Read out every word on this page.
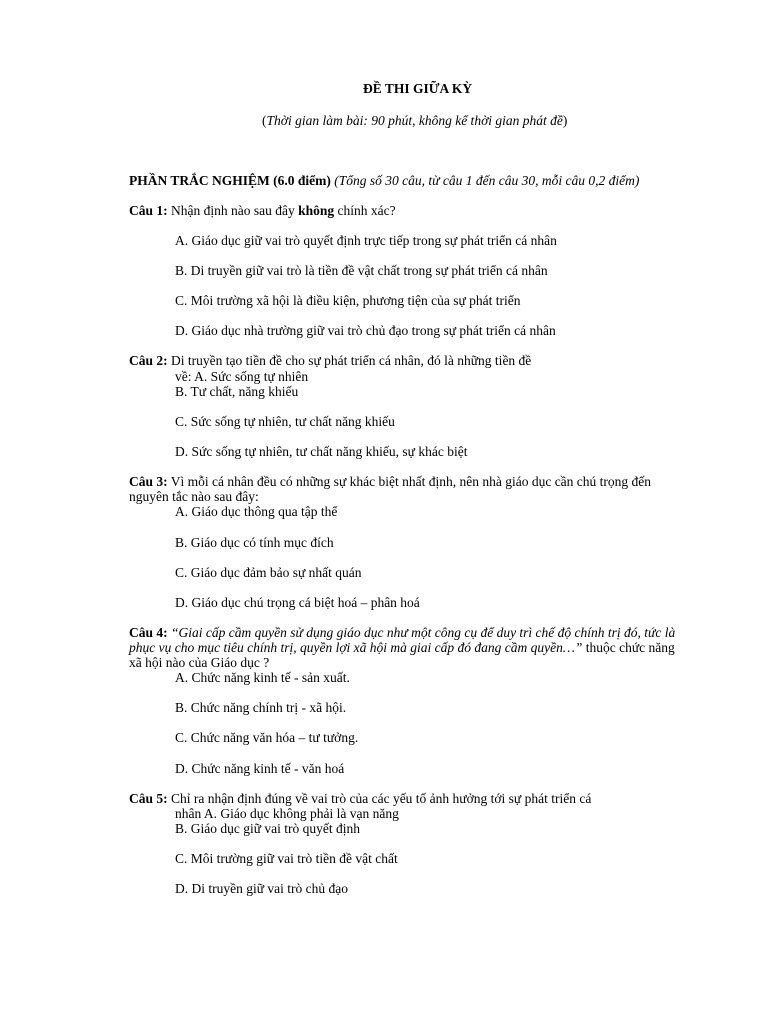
ĐỀ THI GIỮA KỲ
(Thời gian làm bài: 90 phút, không kể thời gian phát đề)
PHẦN TRẮC NGHIỆM (6.0 điểm) (Tổng số 30 câu, từ câu 1 đến câu 30, mỗi câu 0,2 điểm)
Câu 1: Nhận định nào sau đây không chính xác?
A. Giáo dục giữ vai trò quyết định trực tiếp trong sự phát triển cá nhân
B. Di truyền giữ vai trò là tiền đề vật chất trong sự phát triển cá nhân
C. Môi trường xã hội là điều kiện, phương tiện của sự phát triển
D. Giáo dục nhà trường giữ vai trò chủ đạo trong sự phát triển cá nhân
Câu 2: Di truyền tạo tiền đề cho sự phát triển cá nhân, đó là những tiền đề
về: A. Sức sống tự nhiên
B. Tư chất, năng khiếu
C. Sức sống tự nhiên, tư chất năng khiếu
D. Sức sống tự nhiên, tư chất năng khiếu, sự khác biệt
Câu 3: Vì mỗi cá nhân đều có những sự khác biệt nhất định, nên nhà giáo dục cần chú trọng đến
nguyên tắc nào sau đây:
A. Giáo dục thông qua tập thể
B. Giáo dục có tính mục đích
C. Giáo dục đảm bảo sự nhất quán
D. Giáo dục chú trọng cá biệt hoá – phân hoá
Câu 4: “Giai cấp cầm quyền sử dụng giáo dục như một công cụ để duy trì chế độ chính trị đó, tức là
phục vụ cho mục tiêu chính trị, quyền lợi xã hội mà giai cấp đó đang cầm quyền…” thuộc chức năng
xã hội nào của Giáo dục ?
A. Chức năng kinh tế - sản xuất.
B. Chức năng chính trị - xã hội.
C. Chức năng văn hóa – tư tưởng.
D. Chức năng kinh tế - văn hoá
Câu 5: Chỉ ra nhận định đúng về vai trò của các yếu tố ảnh hưởng tới sự phát triển cá
nhân A. Giáo dục không phải là vạn năng
B. Giáo dục giữ vai trò quyết định
C. Môi trường giữ vai trò tiền đề vật chất
D. Di truyền giữ vai trò chủ đạo
